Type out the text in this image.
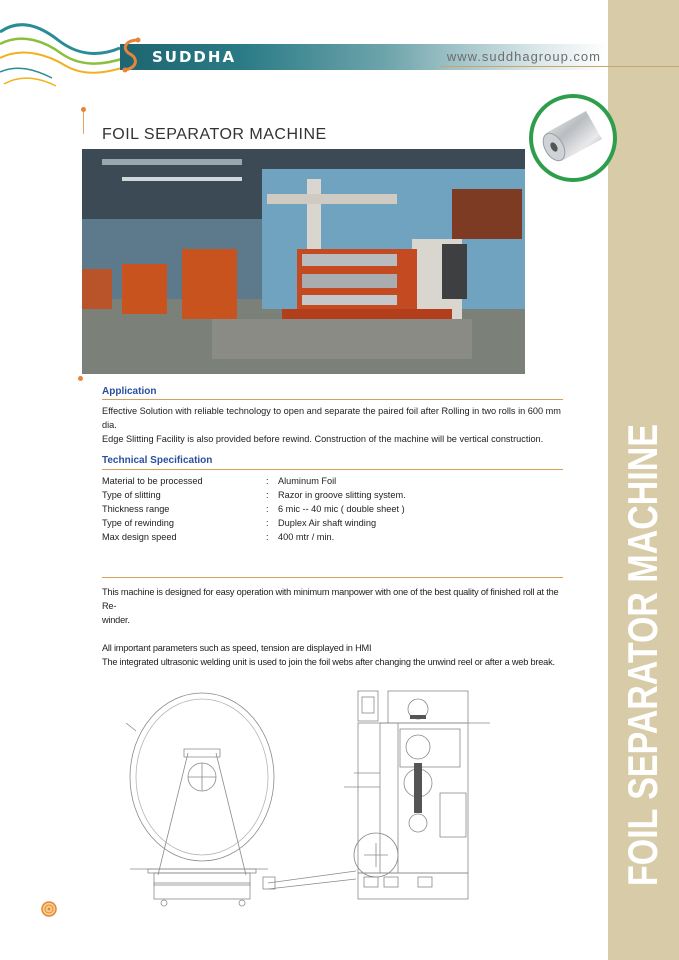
FOIL SEPARATOR MACHINE
SUDDHA	www.suddhagroup.com
FOIL SEPARATOR MACHINE
Application

Effective Solution with reliable technology to open and separate the paired foil after Rolling in two rolls in 600 mm dia.

Edge Slitting Facility is also provided before rewind. Construction of the machine will be vertical construction.

Technical Specification
Material to be processed	: Aluminum Foil
Type of slitting	: Razor in groove slitting system.
Thickness range	: 6 mic -- 40 mic ( double sheet )
Type of rewinding	: Duplex Air shaft winding
Max design speed	: 400 mtr / min.

This machine is designed for easy operation with minimum manpower with one of the best quality of finished roll at the Re-

winder.

All important parameters such as speed, tension are displayed in HMI

The integrated ultrasonic welding unit is used to join the foil webs after changing the unwind reel or after a web break.
